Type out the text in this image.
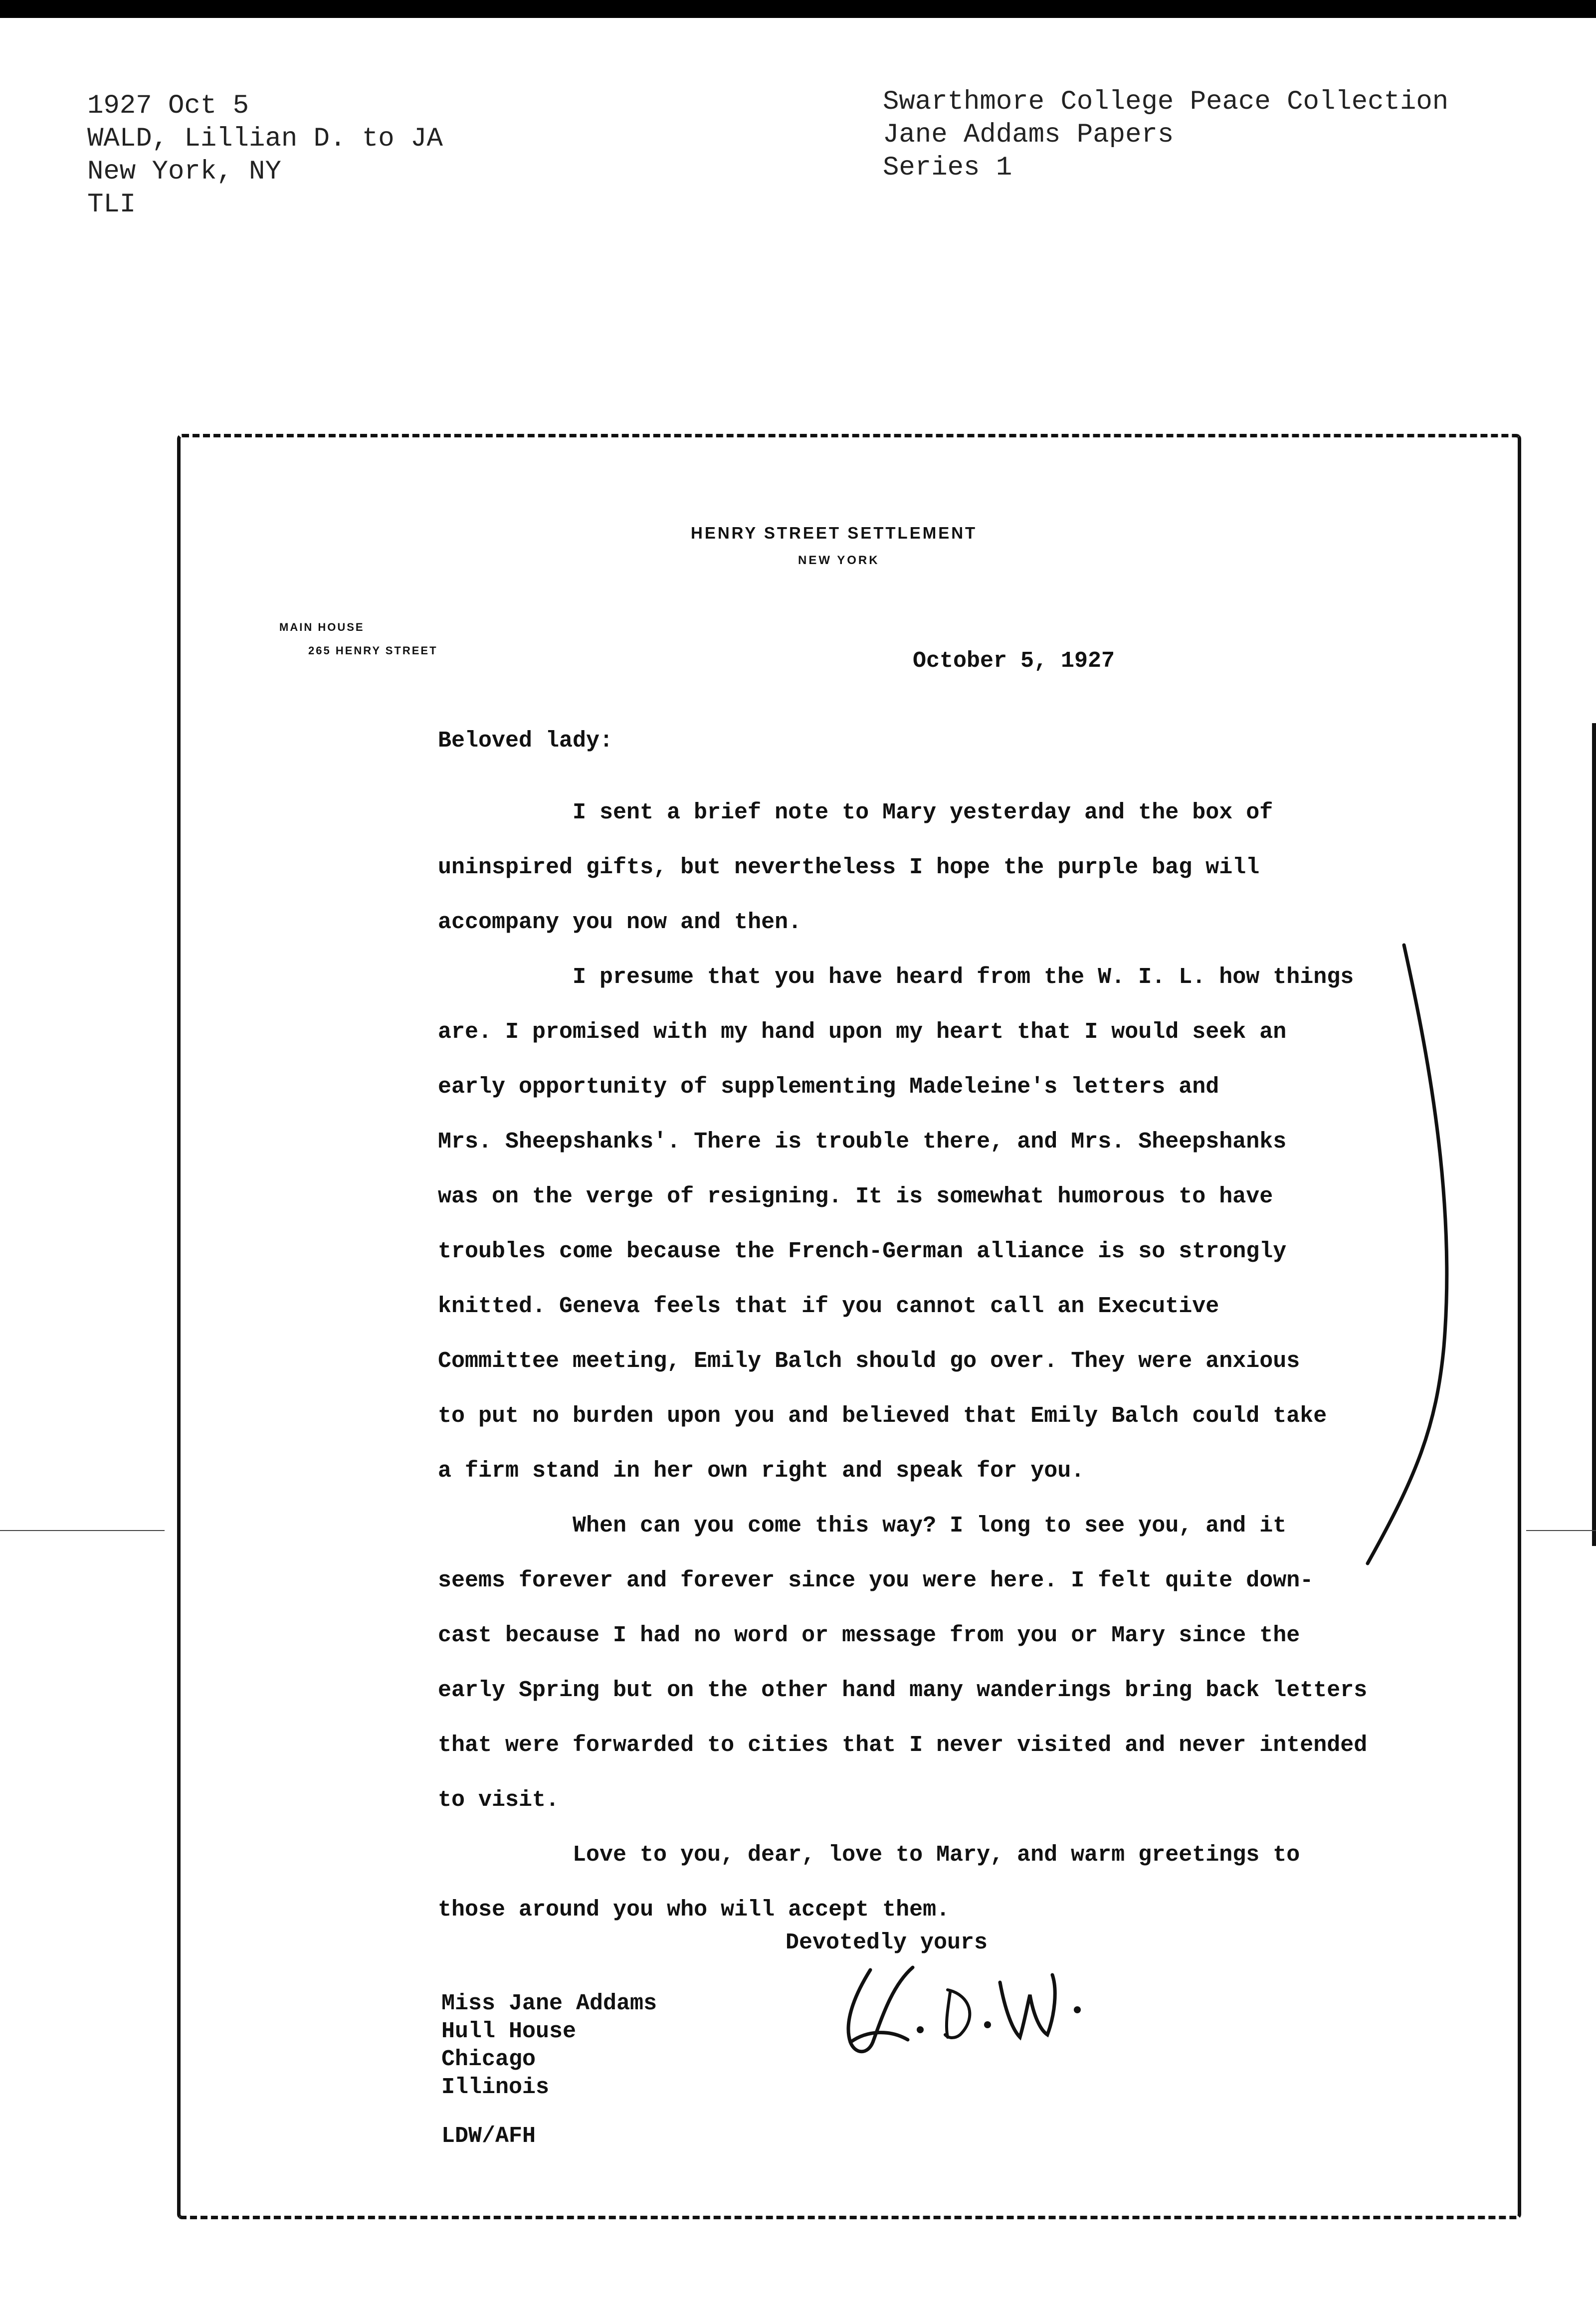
1927 Oct 5
WALD, Lillian D. to JA
New York, NY
TLI
Swarthmore College Peace Collection
Jane Addams Papers
Series 1
HENRY STREET SETTLEMENT
NEW YORK
MAIN HOUSE
265 HENRY STREET	October 5, 1927
Beloved lady:
I sent a brief note to Mary yesterday and the box of
uninspired gifts, but nevertheless I hope the purple bag will
accompany you now and then.
I presume that you have heard from the W. I. L. how things
are. I promised with my hand upon my heart that I would seek an
early opportunity of supplementing Madeleine's letters and
Mrs. Sheepshanks'. There is trouble there, and Mrs. Sheepshanks
was on the verge of resigning. It is somewhat humorous to have
troubles come because the French-German alliance is so strongly
knitted. Geneva feels that if you cannot call an Executive
Committee meeting, Emily Balch should go over. They were anxious
to put no burden upon you and believed that Emily Balch could take
a firm stand in her own right and speak for you.
When can you come this way? I long to see you, and it
seems forever and forever since you were here. I felt quite down-
cast because I had no word or message from you or Mary since the
early Spring but on the other hand many wanderings bring back letters
that were forwarded to cities that I never visited and never intended
to visit.
Love to you, dear, love to Mary, and warm greetings to
those around you who will accept them.
Devotedly yours
Miss Jane Addams
Hull House
Chicago
Illinois
LDW/AFH
